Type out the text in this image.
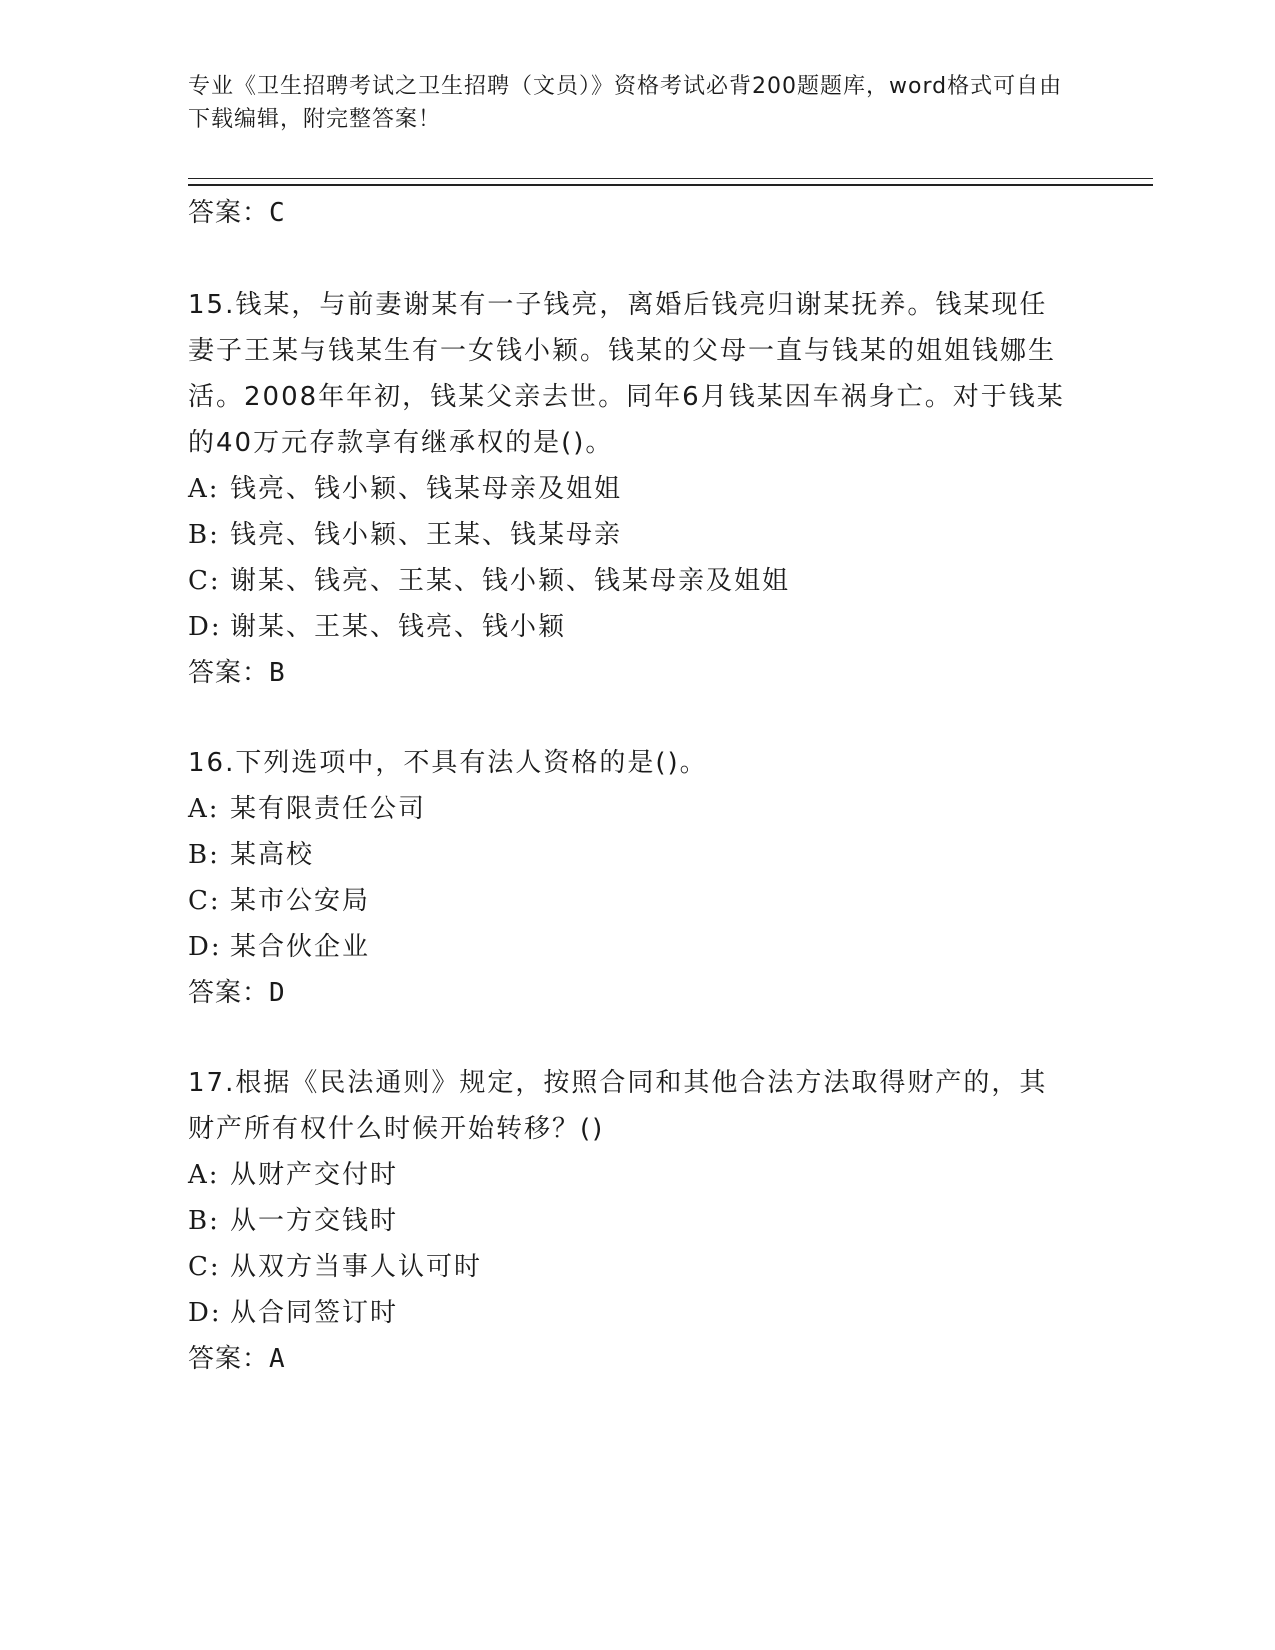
专业《卫生招聘考试之卫生招聘（文员）》资格考试必背200题题库，word格式可自由下载编辑，附完整答案！
答案：C
15.钱某，与前妻谢某有一子钱亮，离婚后钱亮归谢某抚养。钱某现任妻子王某与钱某生有一女钱小颖。钱某的父母一直与钱某的姐姐钱娜生活。2008年年初，钱某父亲去世。同年6月钱某因车祸身亡。对于钱某的40万元存款享有继承权的是()。
A: 钱亮、钱小颖、钱某母亲及姐姐
B: 钱亮、钱小颖、王某、钱某母亲
C: 谢某、钱亮、王某、钱小颖、钱某母亲及姐姐
D: 谢某、王某、钱亮、钱小颖
答案：B
16.下列选项中，不具有法人资格的是()。
A: 某有限责任公司
B: 某高校
C: 某市公安局
D: 某合伙企业
答案：D
17.根据《民法通则》规定，按照合同和其他合法方法取得财产的，其财产所有权什么时候开始转移？()
A: 从财产交付时
B: 从一方交钱时
C: 从双方当事人认可时
D: 从合同签订时
答案：A
